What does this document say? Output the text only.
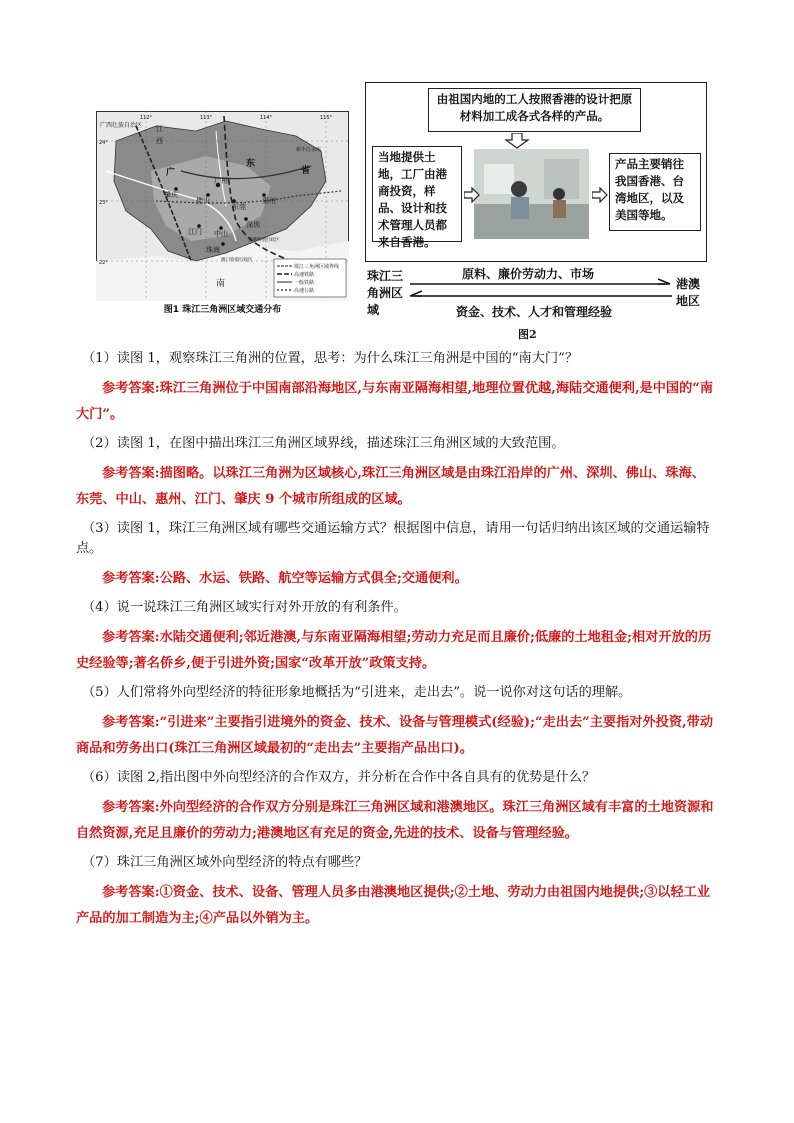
广西壮族自治区
广
东
省
江
西
广州
佛山
东莞
肇庆
惠州
深圳
江门 中山
珠海
香港特别行政区
澳门特别行政区
新丰江水库
南
24°
23°
22°
112°	113°	114°	115°
珠江三角洲区域界线
高速铁路
一般铁路
高速公路
图1 珠江三角洲区域交通分布
由祖国内地的工人按照香港的设计把原材料加工成各式各样的产品。
当地提供土地，工厂由港商投资，样品、设计和技术管理人员都来自香港。
产品主要销往我国香港、台湾地区，以及美国等地。
珠江三角洲区域
港澳地区
原料、廉价劳动力、市场
资金、技术、人才和管理经验
图2

（1）读图 1，观察珠江三角洲的位置，思考：为什么珠江三角洲是中国的“南大门”？

参考答案:珠江三角洲位于中国南部沿海地区,与东南亚隔海相望,地理位置优越,海陆交通便利,是中国的“南大门”。

（2）读图 1，在图中描出珠江三角洲区域界线，描述珠江三角洲区域的大致范围。

参考答案:描图略。以珠江三角洲为区域核心,珠江三角洲区域是由珠江沿岸的广州、深圳、佛山、珠海、东莞、中山、惠州、江门、肇庆 9 个城市所组成的区域。

（3）读图 1，珠江三角洲区域有哪些交通运输方式？根据图中信息，请用一句话归纳出该区域的交通运输特点。

参考答案:公路、水运、铁路、航空等运输方式俱全;交通便利。

（4）说一说珠江三角洲区域实行对外开放的有利条件。

参考答案:水陆交通便利;邻近港澳,与东南亚隔海相望;劳动力充足而且廉价;低廉的土地租金;相对开放的历史经验等;著名侨乡,便于引进外资;国家“改革开放”政策支持。

（5）人们常将外向型经济的特征形象地概括为“引进来，走出去”。说一说你对这句话的理解。

参考答案:“引进来”主要指引进境外的资金、技术、设备与管理模式(经验);“走出去”主要指对外投资,带动商品和劳务出口(珠江三角洲区域最初的“走出去”主要指产品出口)。

（6）读图 2,指出图中外向型经济的合作双方，并分析在合作中各自具有的优势是什么？

参考答案:外向型经济的合作双方分别是珠江三角洲区域和港澳地区。珠江三角洲区域有丰富的土地资源和自然资源,充足且廉价的劳动力;港澳地区有充足的资金,先进的技术、设备与管理经验。

（7）珠江三角洲区域外向型经济的特点有哪些？

参考答案:①资金、技术、设备、管理人员多由港澳地区提供;②土地、劳动力由祖国内地提供;③以轻工业产品的加工制造为主;④产品以外销为主。
